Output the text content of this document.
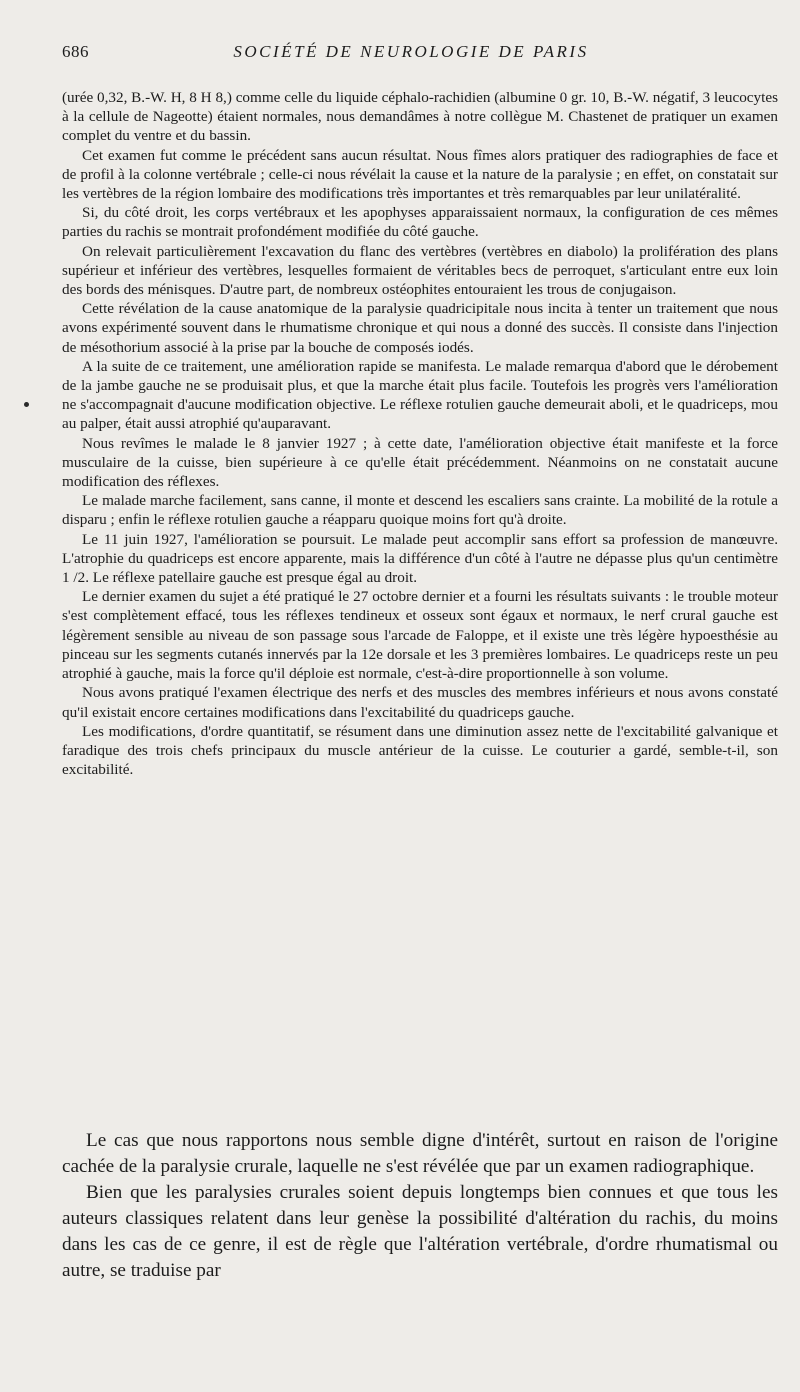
686	SOCIÉTÉ DE NEUROLOGIE DE PARIS

(urée 0,32, B.-W. H, 8 H 8,) comme celle du liquide céphalo-rachidien (albumine 0 gr. 10, B.-W. négatif, 3 leucocytes à la cellule de Nageotte) étaient normales, nous demandâmes à notre collègue M. Chastenet de pratiquer un examen complet du ventre et du bassin.

Cet examen fut comme le précédent sans aucun résultat. Nous fîmes alors pratiquer des radiographies de face et de profil à la colonne vertébrale ; celle-ci nous révélait la cause et la nature de la paralysie ; en effet, on constatait sur les vertèbres de la région lombaire des modifications très importantes et très remarquables par leur unilatéralité.

Si, du côté droit, les corps vertébraux et les apophyses apparaissaient normaux, la configuration de ces mêmes parties du rachis se montrait profondément modifiée du côté gauche.

On relevait particulièrement l'excavation du flanc des vertèbres (vertèbres en diabolo) la prolifération des plans supérieur et inférieur des vertèbres, lesquelles formaient de véritables becs de perroquet, s'articulant entre eux loin des bords des ménisques. D'autre part, de nombreux ostéophites entouraient les trous de conjugaison.

Cette révélation de la cause anatomique de la paralysie quadricipitale nous incita à tenter un traitement que nous avons expérimenté souvent dans le rhumatisme chronique et qui nous a donné des succès. Il consiste dans l'injection de mésothorium associé à la prise par la bouche de composés iodés.

A la suite de ce traitement, une amélioration rapide se manifesta. Le malade remarqua d'abord que le dérobement de la jambe gauche ne se produisait plus, et que la marche était plus facile. Toutefois les progrès vers l'amélioration ne s'accompagnait d'aucune modification objective. Le réflexe rotulien gauche demeurait aboli, et le quadriceps, mou au palper, était aussi atrophié qu'auparavant.

Nous revîmes le malade le 8 janvier 1927 ; à cette date, l'amélioration objective était manifeste et la force musculaire de la cuisse, bien supérieure à ce qu'elle était précédemment. Néanmoins on ne constatait aucune modification des réflexes.

Le malade marche facilement, sans canne, il monte et descend les escaliers sans crainte. La mobilité de la rotule a disparu ; enfin le réflexe rotulien gauche a réapparu quoique moins fort qu'à droite.

Le 11 juin 1927, l'amélioration se poursuit. Le malade peut accomplir sans effort sa profession de manœuvre. L'atrophie du quadriceps est encore apparente, mais la différence d'un côté à l'autre ne dépasse plus qu'un centimètre 1 /2. Le réflexe patellaire gauche est presque égal au droit.

Le dernier examen du sujet a été pratiqué le 27 octobre dernier et a fourni les résultats suivants : le trouble moteur s'est complètement effacé, tous les réflexes tendineux et osseux sont égaux et normaux, le nerf crural gauche est légèrement sensible au niveau de son passage sous l'arcade de Faloppe, et il existe une très légère hypoesthésie au pinceau sur les segments cutanés innervés par la 12e dorsale et les 3 premières lombaires. Le quadriceps reste un peu atrophié à gauche, mais la force qu'il déploie est normale, c'est-à-dire proportionnelle à son volume.

Nous avons pratiqué l'examen électrique des nerfs et des muscles des membres inférieurs et nous avons constaté qu'il existait encore certaines modifications dans l'excitabilité du quadriceps gauche.

Les modifications, d'ordre quantitatif, se résument dans une diminution assez nette de l'excitabilité galvanique et faradique des trois chefs principaux du muscle antérieur de la cuisse. Le couturier a gardé, semble-t-il, son excitabilité.

Le cas que nous rapportons nous semble digne d'intérêt, surtout en raison de l'origine cachée de la paralysie crurale, laquelle ne s'est révélée que par un examen radiographique.

Bien que les paralysies crurales soient depuis longtemps bien connues et que tous les auteurs classiques relatent dans leur genèse la possibilité d'altération du rachis, du moins dans les cas de ce genre, il est de règle que l'altération vertébrale, d'ordre rhumatismal ou autre, se traduise par
